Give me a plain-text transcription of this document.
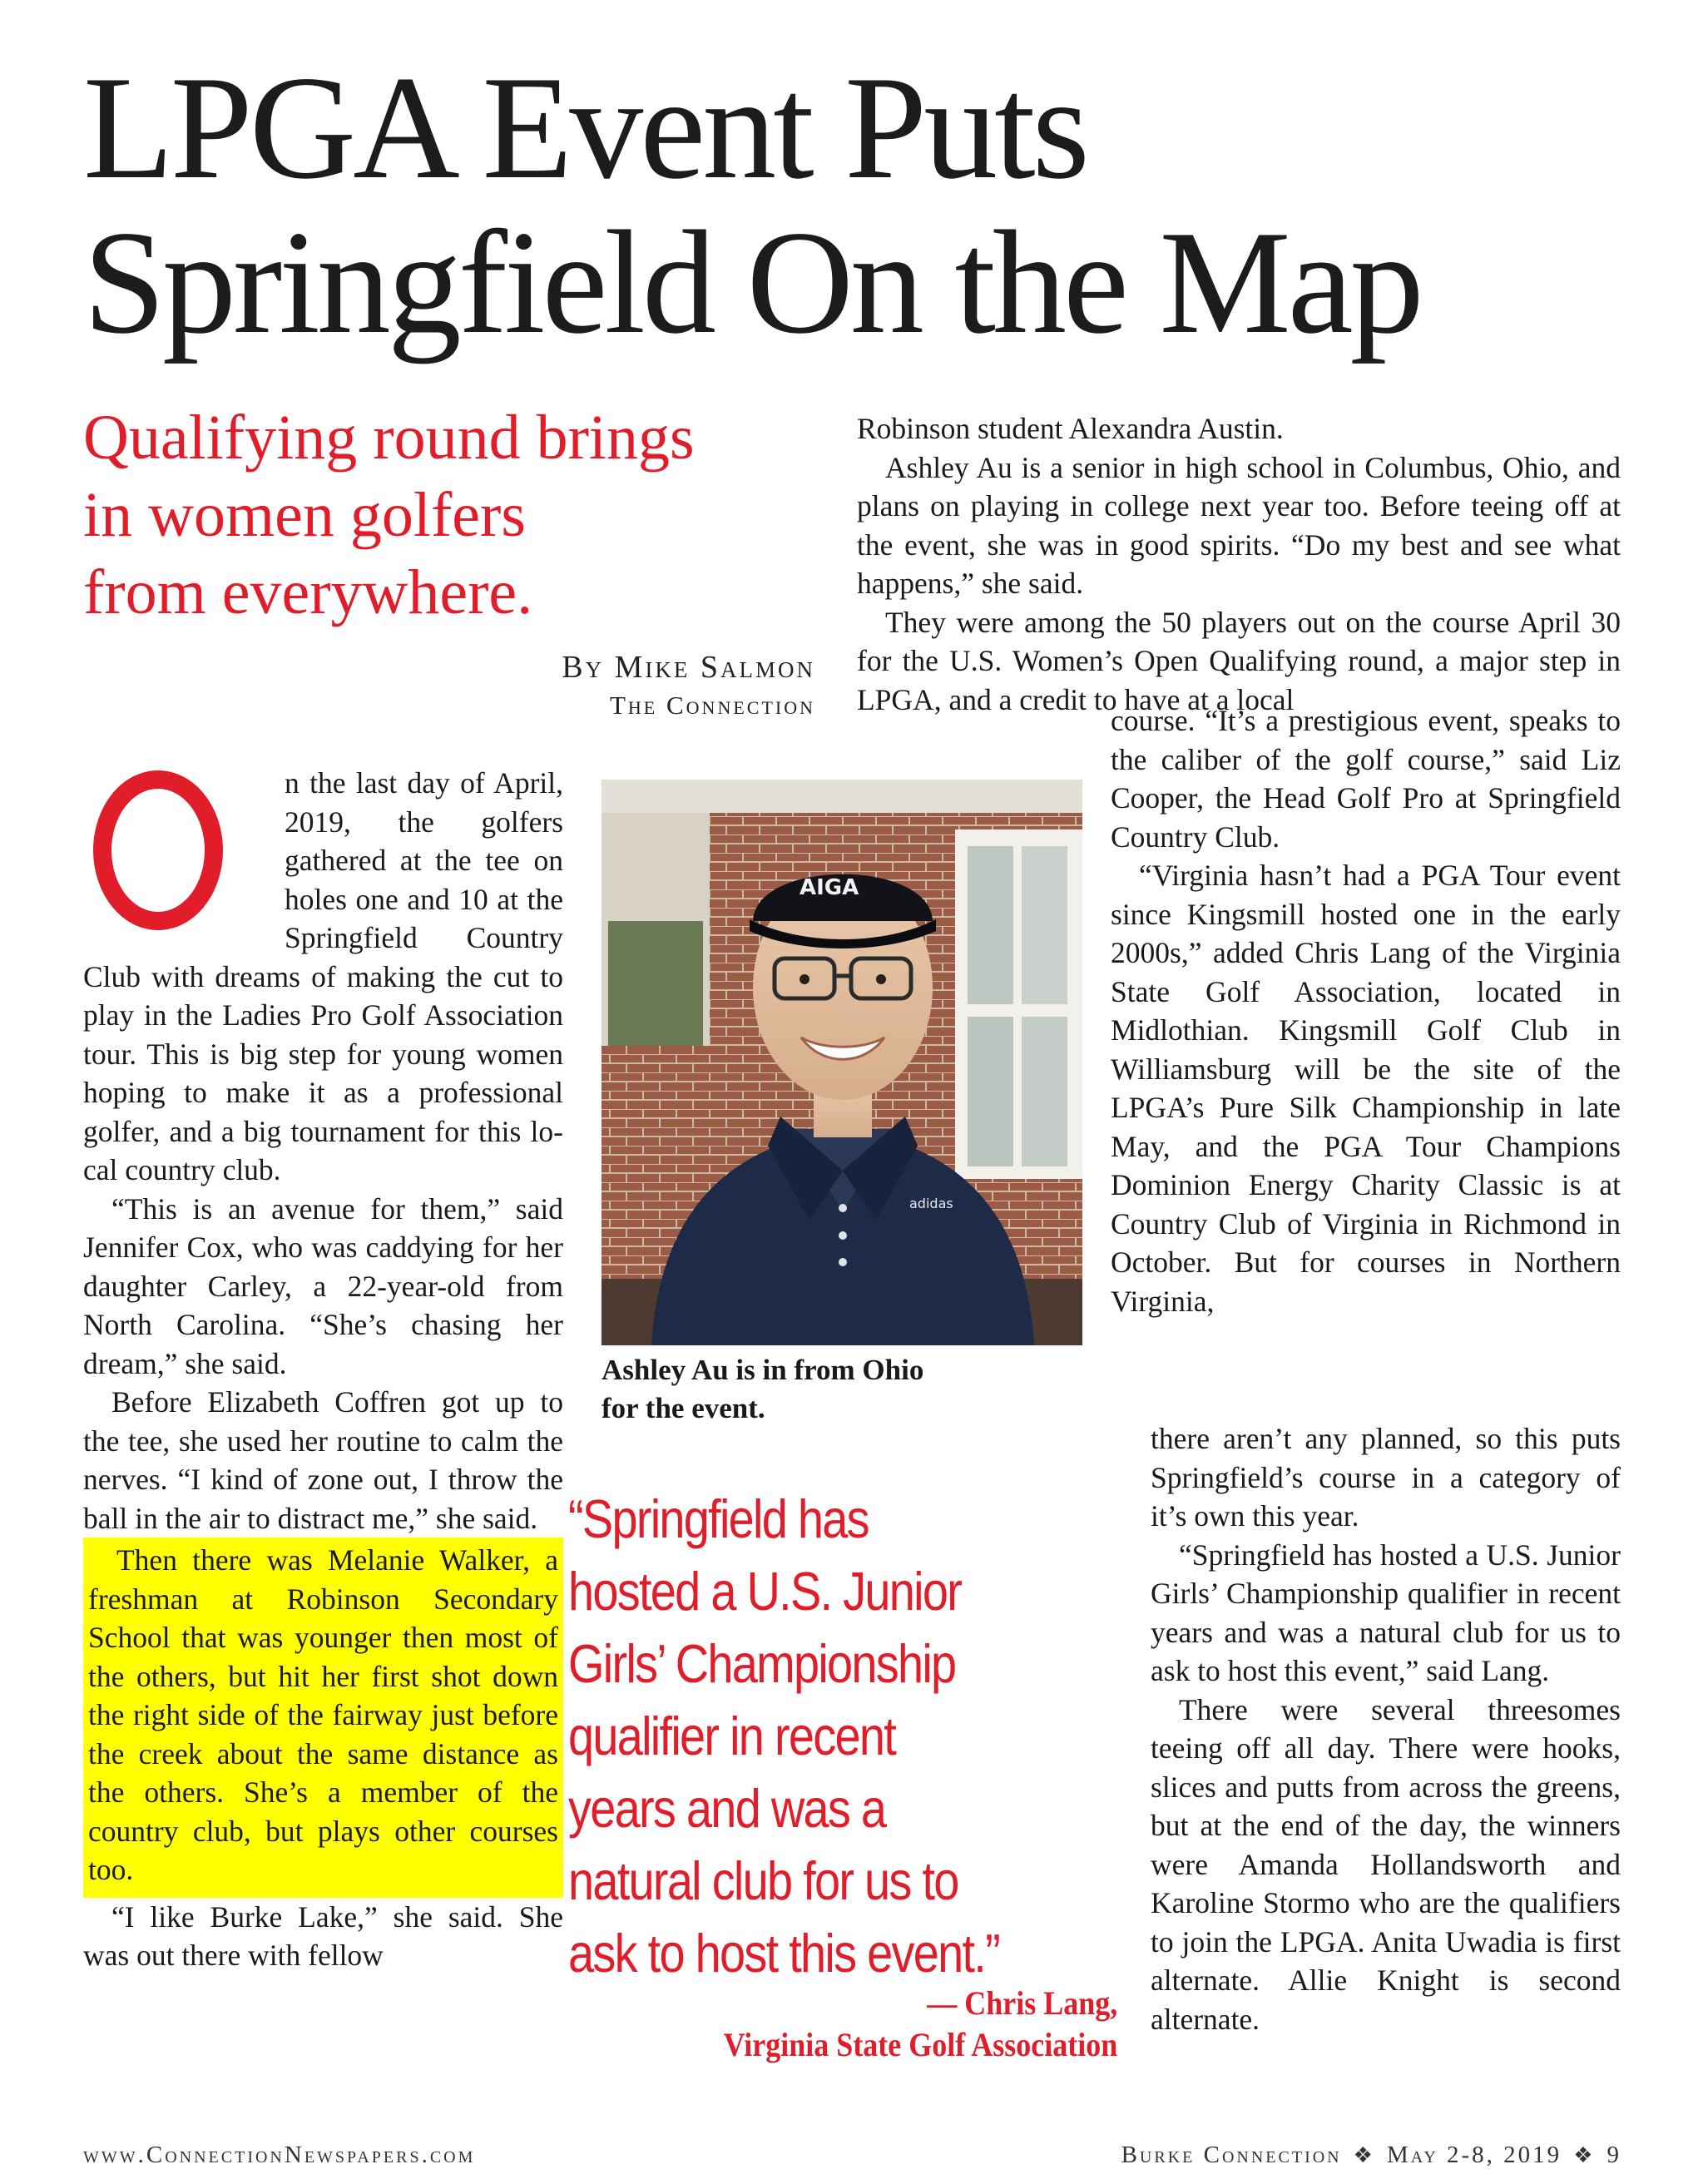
LPGA Event Puts
Springfield On the Map
Qualifying round brings
in women golfers
from everywhere.
By Mike Salmon
The Connection

n the last day of April, 2019, the golfers gathered at the tee on holes one and 10 at the Springfield Country Club with dreams of making the cut to play in the Ladies Pro Golf Association tour. This is big step for young women hoping to make it as a professional golfer, and a big tournament for this local country club.

“This is an avenue for them,” said Jennifer Cox, who was caddying for her daughter Carley, a 22-year-old from North Carolina. “She’s chasing her dream,” she said.

Before Elizabeth Coffren got up to the tee, she used her routine to calm the nerves. “I kind of zone out, I throw the ball in the air to distract me,” she said.

Then there was Melanie Walker, a freshman at Robinson Secondary School that was younger then most of the others, but hit her first shot down the right side of the fairway just before the creek about the same distance as the others. She’s a member of the country club, but plays other courses too.

“I like Burke Lake,” she said. She was out there with fellow

Robinson student Alexandra Austin.

Ashley Au is a senior in high school in Columbus, Ohio, and plans on playing in college next year too. Before teeing off at the event, she was in good spirits. “Do my best and see what happens,” she said.

They were among the 50 players out on the course April 30 for the U.S. Women’s Open Qualifying round, a major step in LPGA, and a credit to have at a local

course. “It’s a prestigious event, speaks to the caliber of the golf course,” said Liz Cooper, the Head Golf Pro at Springfield Country Club.

“Virginia hasn’t had a PGA Tour event since Kingsmill hosted one in the early 2000s,” added Chris Lang of the Virginia State Golf Association, located in Midlothian. Kingsmill Golf Club in Williamsburg will be the site of the LPGA’s Pure Silk Championship in late May, and the PGA Tour Champions Dominion Energy Charity Classic is at Country Club of Virginia in Richmond in October. But for courses in Northern Virginia,

there aren’t any planned, so this puts Springfield’s course in a category of it’s own this year.

“Springfield has hosted a U.S. Junior Girls’ Championship qualifier in recent years and was a natural club for us to ask to host this event,” said Lang.

There were several threesomes teeing off all day. There were hooks, slices and putts from across the greens, but at the end of the day, the winners were Amanda Hollandsworth and Karoline Stormo who are the qualifiers to join the LPGA. Anita Uwadia is first alternate. Allie Knight is second alternate.

adidas
AIGA
Ashley Au is in from Ohio
for the event.
“Springfield has
hosted a U.S. Junior
Girls’ Championship
qualifier in recent
years and was a
natural club for us to
ask to host this event.”
— Chris Lang,
Virginia State Golf Association
www.ConnectionNewspapers.com	Burke Connection ❖ May 2-8, 2019 ❖ 9
